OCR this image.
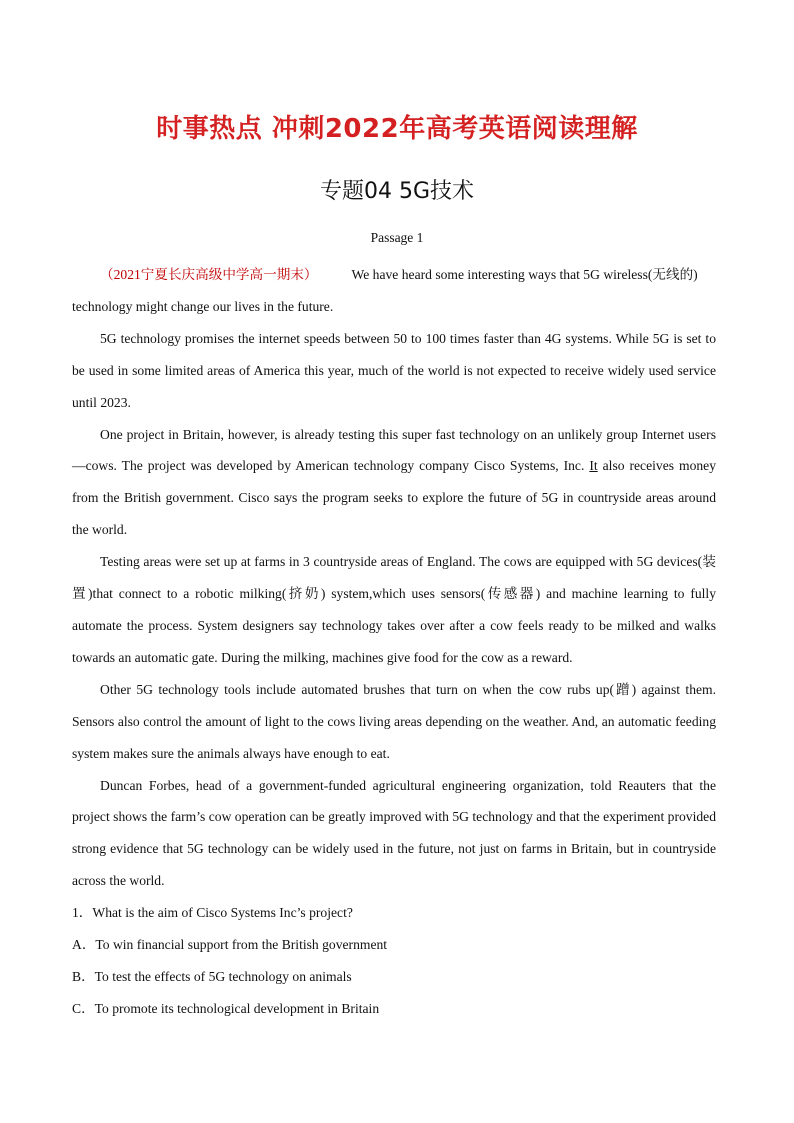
时事热点 冲刺2022年高考英语阅读理解
专题04 5G技术
Passage 1

（2021宁夏长庆高级中学高一期末）	We have heard some interesting ways that 5G wireless(无线的) technology might change our lives in the future.

5G technology promises the internet speeds between 50 to 100 times faster than 4G systems. While 5G is set to be used in some limited areas of America this year, much of the world is not expected to receive widely used service until 2023.

One project in Britain, however, is already testing this super fast technology on an unlikely group Internet users—cows. The project was developed by American technology company Cisco Systems, Inc. It also receives money from the British government. Cisco says the program seeks to explore the future of 5G in countryside areas around the world.

Testing areas were set up at farms in 3 countryside areas of England. The cows are equipped with 5G devices(装置)that connect to a robotic milking(挤奶) system,which uses sensors(传感器) and machine learning to fully automate the process. System designers say technology takes over after a cow feels ready to be milked and walks towards an automatic gate. During the milking, machines give food for the cow as a reward.

Other 5G technology tools include automated brushes that turn on when the cow rubs up(蹭) against them. Sensors also control the amount of light to the cows living areas depending on the weather. And, an automatic feeding system makes sure the animals always have enough to eat.

Duncan Forbes, head of a government-funded agricultural engineering organization, told Reauters that the project shows the farm’s cow operation can be greatly improved with 5G technology and that the experiment provided strong evidence that 5G technology can be widely used in the future, not just on farms in Britain, but in countryside across the world.

1．What is the aim of Cisco Systems Inc’s project?

A．To win financial support from the British government

B．To test the effects of 5G technology on animals

C．To promote its technological development in Britain
